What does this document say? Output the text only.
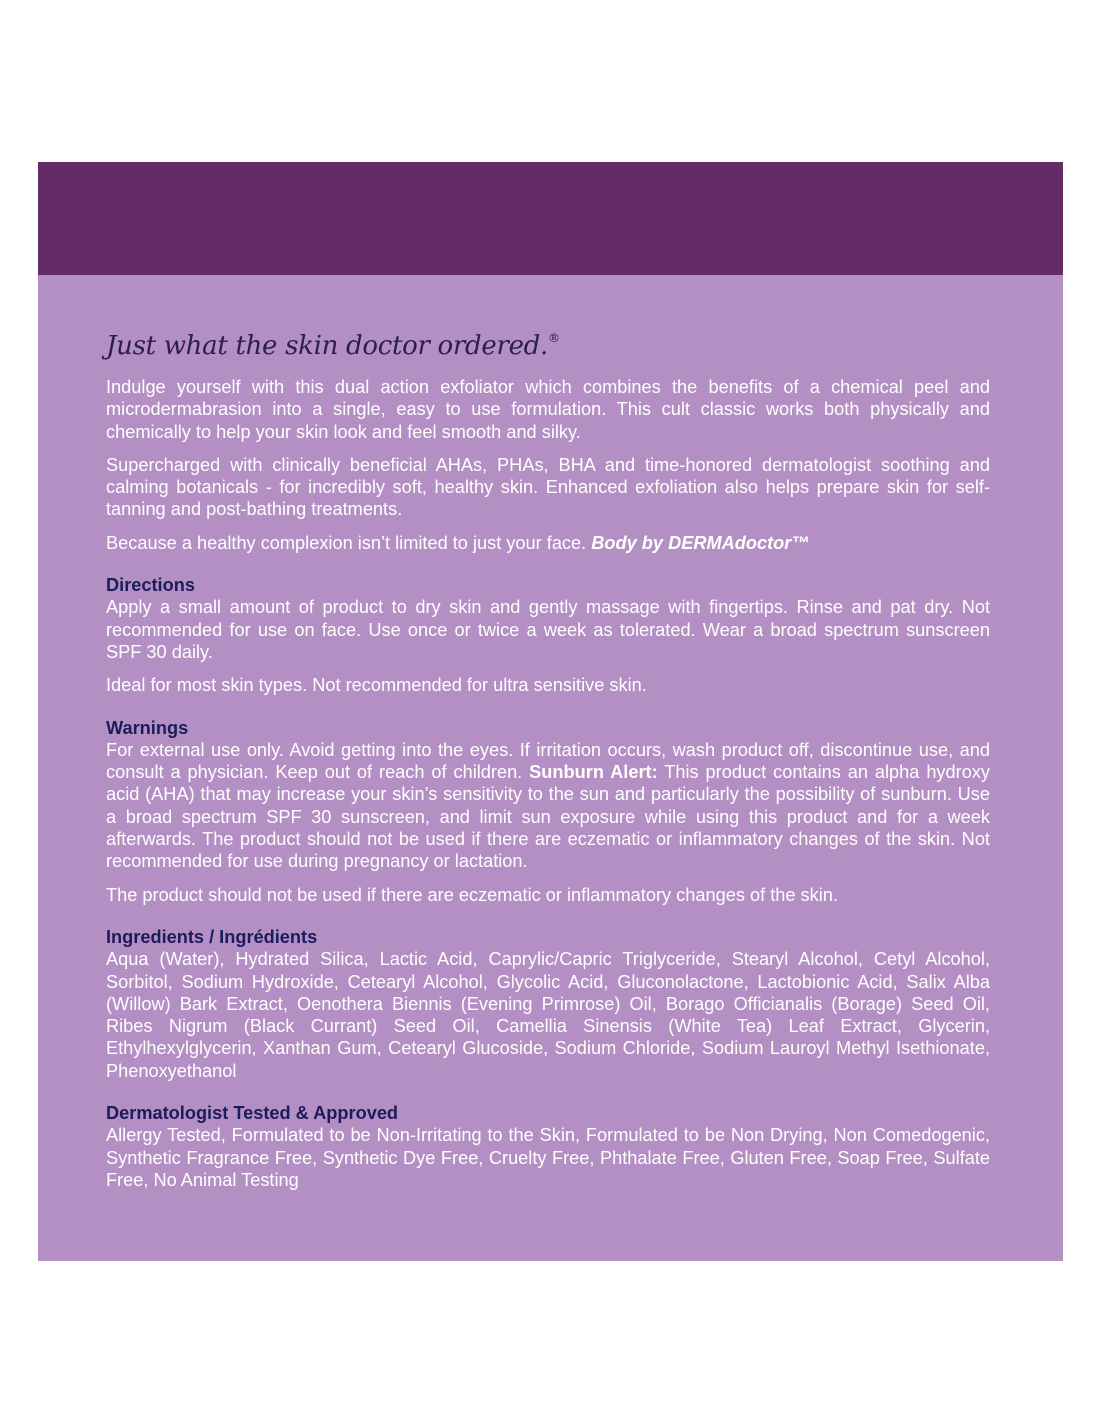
Just what the skin doctor ordered.®

Indulge yourself with this dual action exfoliator which combines the benefits of a chemical peel and microdermabrasion into a single, easy to use formulation. This cult classic works both physically and chemically to help your skin look and feel smooth and silky.

Supercharged with clinically beneficial AHAs, PHAs, BHA and time-honored dermatologist soothing and calming botanicals - for incredibly soft, healthy skin. Enhanced exfoliation also helps prepare skin for self-tanning and post-bathing treatments.

Because a healthy complexion isn’t limited to just your face. Body by DERMAdoctor™

Directions

Apply a small amount of product to dry skin and gently massage with fingertips. Rinse and pat dry. Not recommended for use on face. Use once or twice a week as tolerated. Wear a broad spectrum sunscreen SPF 30 daily.

Ideal for most skin types. Not recommended for ultra sensitive skin.

Warnings

For external use only. Avoid getting into the eyes. If irritation occurs, wash product off, discontinue use, and consult a physician. Keep out of reach of children. Sunburn Alert: This product contains an alpha hydroxy acid (AHA) that may increase your skin’s sensitivity to the sun and particularly the possibility of sunburn. Use a broad spectrum SPF 30 sunscreen, and limit sun exposure while using this product and for a week afterwards. The product should not be used if there are eczematic or inflammatory changes of the skin. Not recommended for use during pregnancy or lactation.

The product should not be used if there are eczematic or inflammatory changes of the skin.

Ingredients / Ingrédients

Aqua (Water), Hydrated Silica, Lactic Acid, Caprylic/Capric Triglyceride, Stearyl Alcohol, Cetyl Alcohol, Sorbitol, Sodium Hydroxide, Cetearyl Alcohol, Glycolic Acid, Gluconolactone, Lactobionic Acid, Salix Alba (Willow) Bark Extract, Oenothera Biennis (Evening Primrose) Oil, Borago Officianalis (Borage) Seed Oil, Ribes Nigrum (Black Currant) Seed Oil, Camellia Sinensis (White Tea) Leaf Extract, Glycerin, Ethylhexylglycerin, Xanthan Gum, Cetearyl Glucoside, Sodium Chloride, Sodium Lauroyl Methyl Isethionate, Phenoxyethanol

Dermatologist Tested & Approved

Allergy Tested, Formulated to be Non-Irritating to the Skin, Formulated to be Non Drying, Non Comedogenic, Synthetic Fragrance Free, Synthetic Dye Free, Cruelty Free, Phthalate Free, Gluten Free, Soap Free, Sulfate Free, No Animal Testing
